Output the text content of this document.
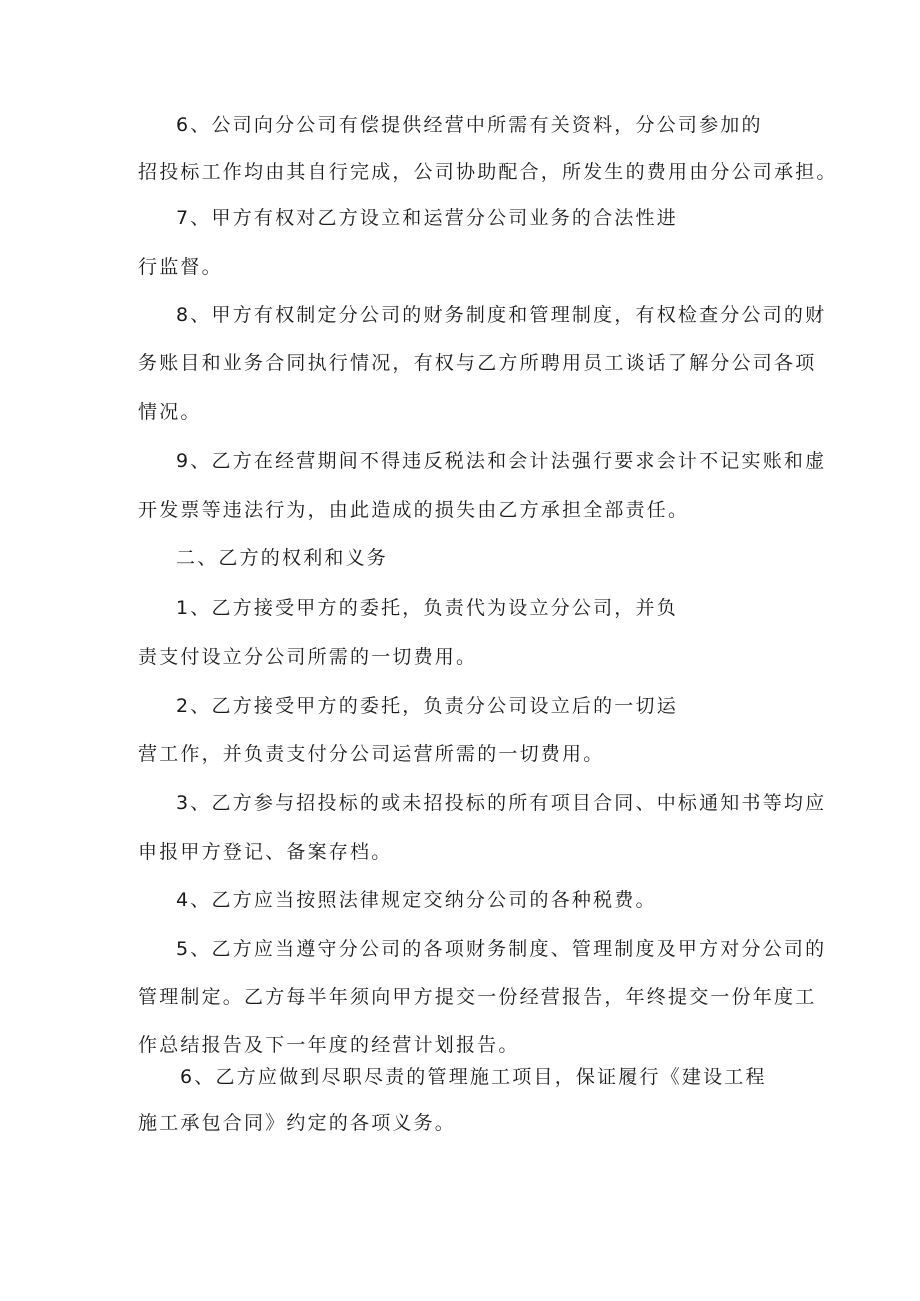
6、公司向分公司有偿提供经营中所需有关资料，分公司参加的

招投标工作均由其自行完成，公司协助配合，所发生的费用由分公司承担。

7、甲方有权对乙方设立和运营分公司业务的合法性进

行监督。

8、甲方有权制定分公司的财务制度和管理制度，有权检查分公司的财

务账目和业务合同执行情况，有权与乙方所聘用员工谈话了解分公司各项

情况。

9、乙方在经营期间不得违反税法和会计法强行要求会计不记实账和虚

开发票等违法行为，由此造成的损失由乙方承担全部责任。

二、乙方的权利和义务

1、乙方接受甲方的委托，负责代为设立分公司，并负

责支付设立分公司所需的一切费用。

2、乙方接受甲方的委托，负责分公司设立后的一切运

营工作，并负责支付分公司运营所需的一切费用。

3、乙方参与招投标的或未招投标的所有项目合同、中标通知书等均应

申报甲方登记、备案存档。

4、乙方应当按照法律规定交纳分公司的各种税费。

5、乙方应当遵守分公司的各项财务制度、管理制度及甲方对分公司的

管理制定。乙方每半年须向甲方提交一份经营报告，年终提交一份年度工

作总结报告及下一年度的经营计划报告。

6、乙方应做到尽职尽责的管理施工项目，保证履行《建设工程

施工承包合同》约定的各项义务。
